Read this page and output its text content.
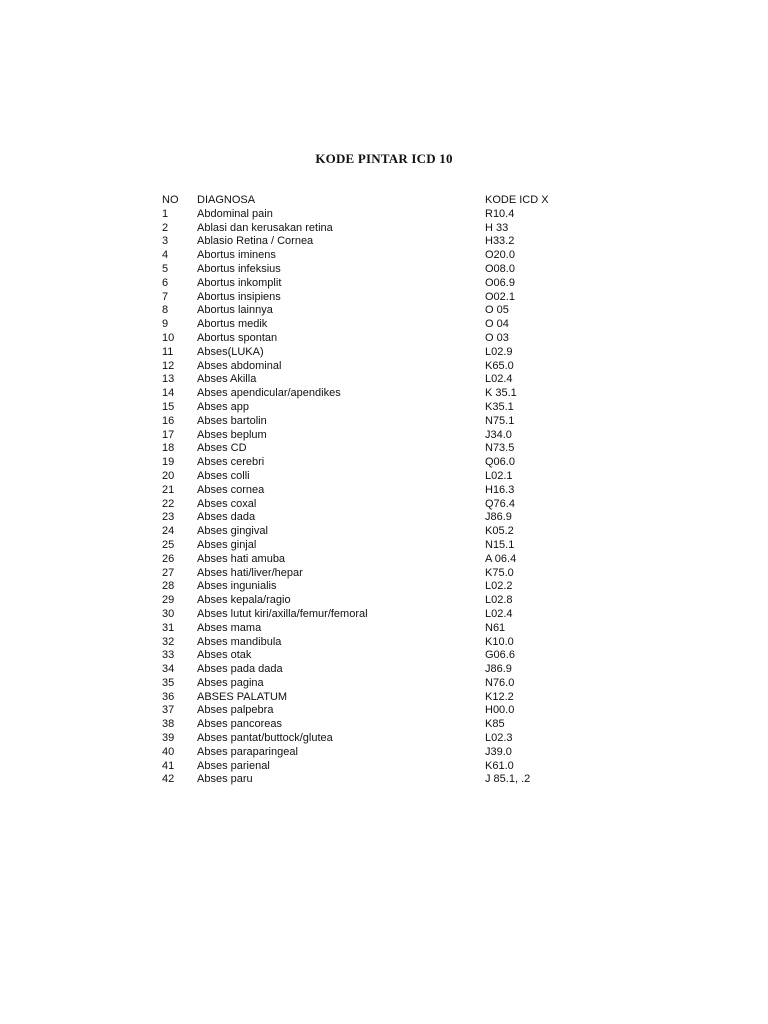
KODE PINTAR ICD 10
NO	DIAGNOSA	KODE ICD X
1	Abdominal pain	R10.4
2	Ablasi dan kerusakan retina	H 33
3	Ablasio Retina / Cornea	H33.2
4	Abortus iminens	O20.0
5	Abortus infeksius	O08.0
6	Abortus inkomplit	O06.9
7	Abortus insipiens	O02.1
8	Abortus lainnya	O 05
9	Abortus medik	O 04
10	Abortus spontan	O 03
11	Abses(LUKA)	L02.9
12	Abses abdominal	K65.0
13	Abses Akilla	L02.4
14	Abses apendicular/apendikes	K 35.1
15	Abses app	K35.1
16	Abses bartolin	N75.1
17	Abses beplum	J34.0
18	Abses CD	N73.5
19	Abses cerebri	Q06.0
20	Abses colli	L02.1
21	Abses cornea	H16.3
22	Abses coxal	Q76.4
23	Abses dada	J86.9
24	Abses gingival	K05.2
25	Abses ginjal	N15.1
26	Abses hati amuba	A 06.4
27	Abses hati/liver/hepar	K75.0
28	Abses ingunialis	L02.2
29	Abses kepala/ragio	L02.8
30	Abses lutut kiri/axilla/femur/femoral	L02.4
31	Abses mama	N61
32	Abses mandibula	K10.0
33	Abses otak	G06.6
34	Abses pada dada	J86.9
35	Abses pagina	N76.0
36	ABSES PALATUM	K12.2
37	Abses palpebra	H00.0
38	Abses pancoreas	K85
39	Abses pantat/buttock/glutea	L02.3
40	Abses paraparingeal	J39.0
41	Abses parienal	K61.0
42	Abses paru	J 85.1, .2
